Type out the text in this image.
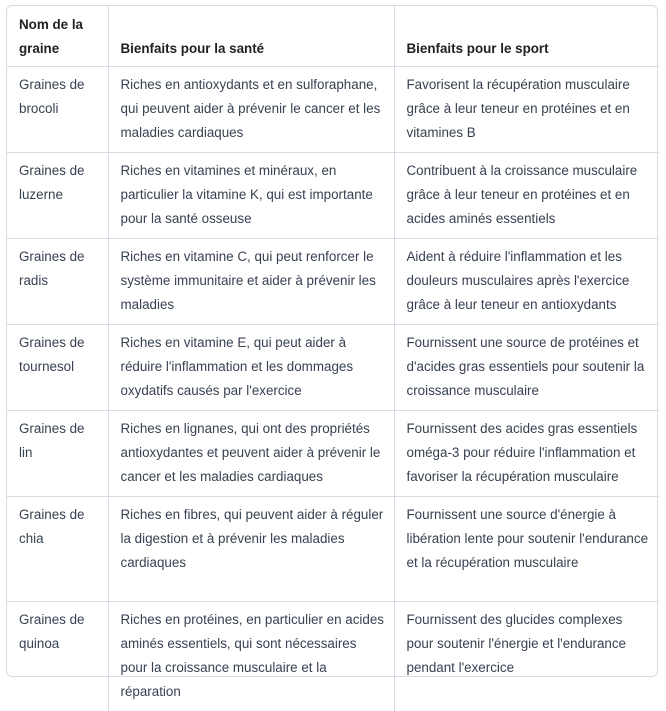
Nom de la graine	Bienfaits pour la santé	Bienfaits pour le sport
Graines de brocoli	Riches en antioxydants et en sulforaphane, qui peuvent aider à prévenir le cancer et les maladies cardiaques	Favorisent la récupération musculaire grâce à leur teneur en protéines et en vitamines B
Graines de luzerne	Riches en vitamines et minéraux, en particulier la vitamine K, qui est importante pour la santé osseuse	Contribuent à la croissance musculaire grâce à leur teneur en protéines et en acides aminés essentiels
Graines de radis	Riches en vitamine C, qui peut renforcer le système immunitaire et aider à prévenir les maladies	Aident à réduire l'inflammation et les douleurs musculaires après l'exercice grâce à leur teneur en antioxydants
Graines de tournesol	Riches en vitamine E, qui peut aider à réduire l'inflammation et les dommages oxydatifs causés par l'exercice	Fournissent une source de protéines et d'acides gras essentiels pour soutenir la croissance musculaire
Graines de lin	Riches en lignanes, qui ont des propriétés antioxydantes et peuvent aider à prévenir le cancer et les maladies cardiaques	Fournissent des acides gras essentiels oméga-3 pour réduire l'inflammation et favoriser la récupération musculaire
Graines de chia	Riches en fibres, qui peuvent aider à réguler la digestion et à prévenir les maladies cardiaques	Fournissent une source d'énergie à libération lente pour soutenir l'endurance et la récupération musculaire
Graines de quinoa	Riches en protéines, en particulier en acides aminés essentiels, qui sont nécessaires pour la croissance musculaire et la réparation	Fournissent des glucides complexes pour soutenir l'énergie et l'endurance pendant l'exercice
